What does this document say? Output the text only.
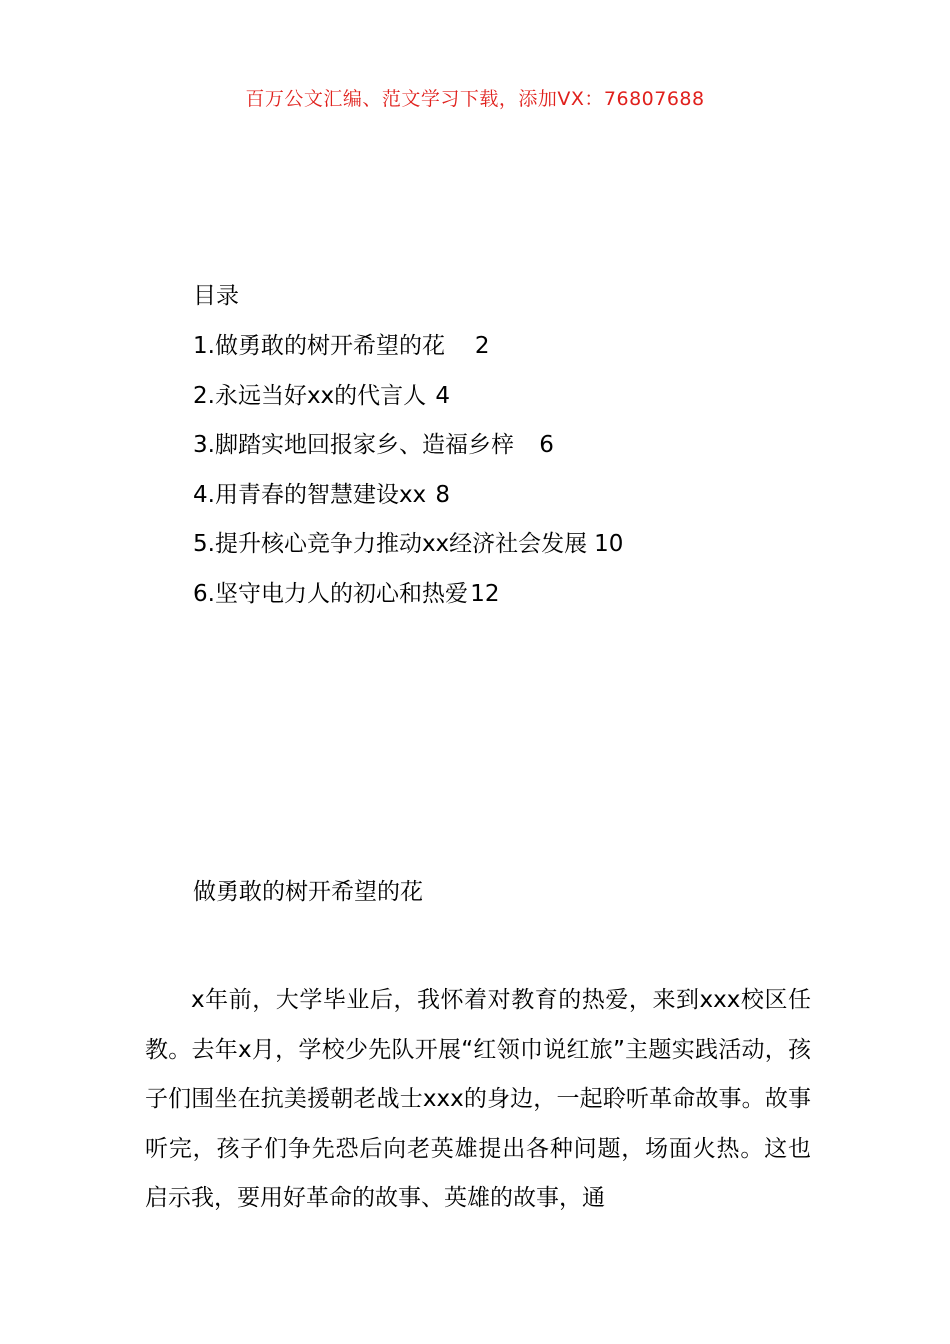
百万公文汇编、范文学习下载，添加VX：76807688
目录
1.做勇敢的树开希望的花 2
2.永远当好xx的代言人 4
3.脚踏实地回报家乡、造福乡梓 6
4.用青春的智慧建设xx 8
5.提升核心竞争力推动xx经济社会发展 10
6.坚守电力人的初心和热爱12
做勇敢的树开希望的花

x年前，大学毕业后，我怀着对教育的热爱，来到xxx校区任教。去年x月，学校少先队开展“红领巾说红旅”主题实践活动，孩子们围坐在抗美援朝老战士xxx的身边，一起聆听革命故事。故事听完，孩子们争先恐后向老英雄提出各种问题，场面火热。这也启示我，要用好革命的故事、英雄的故事，通
